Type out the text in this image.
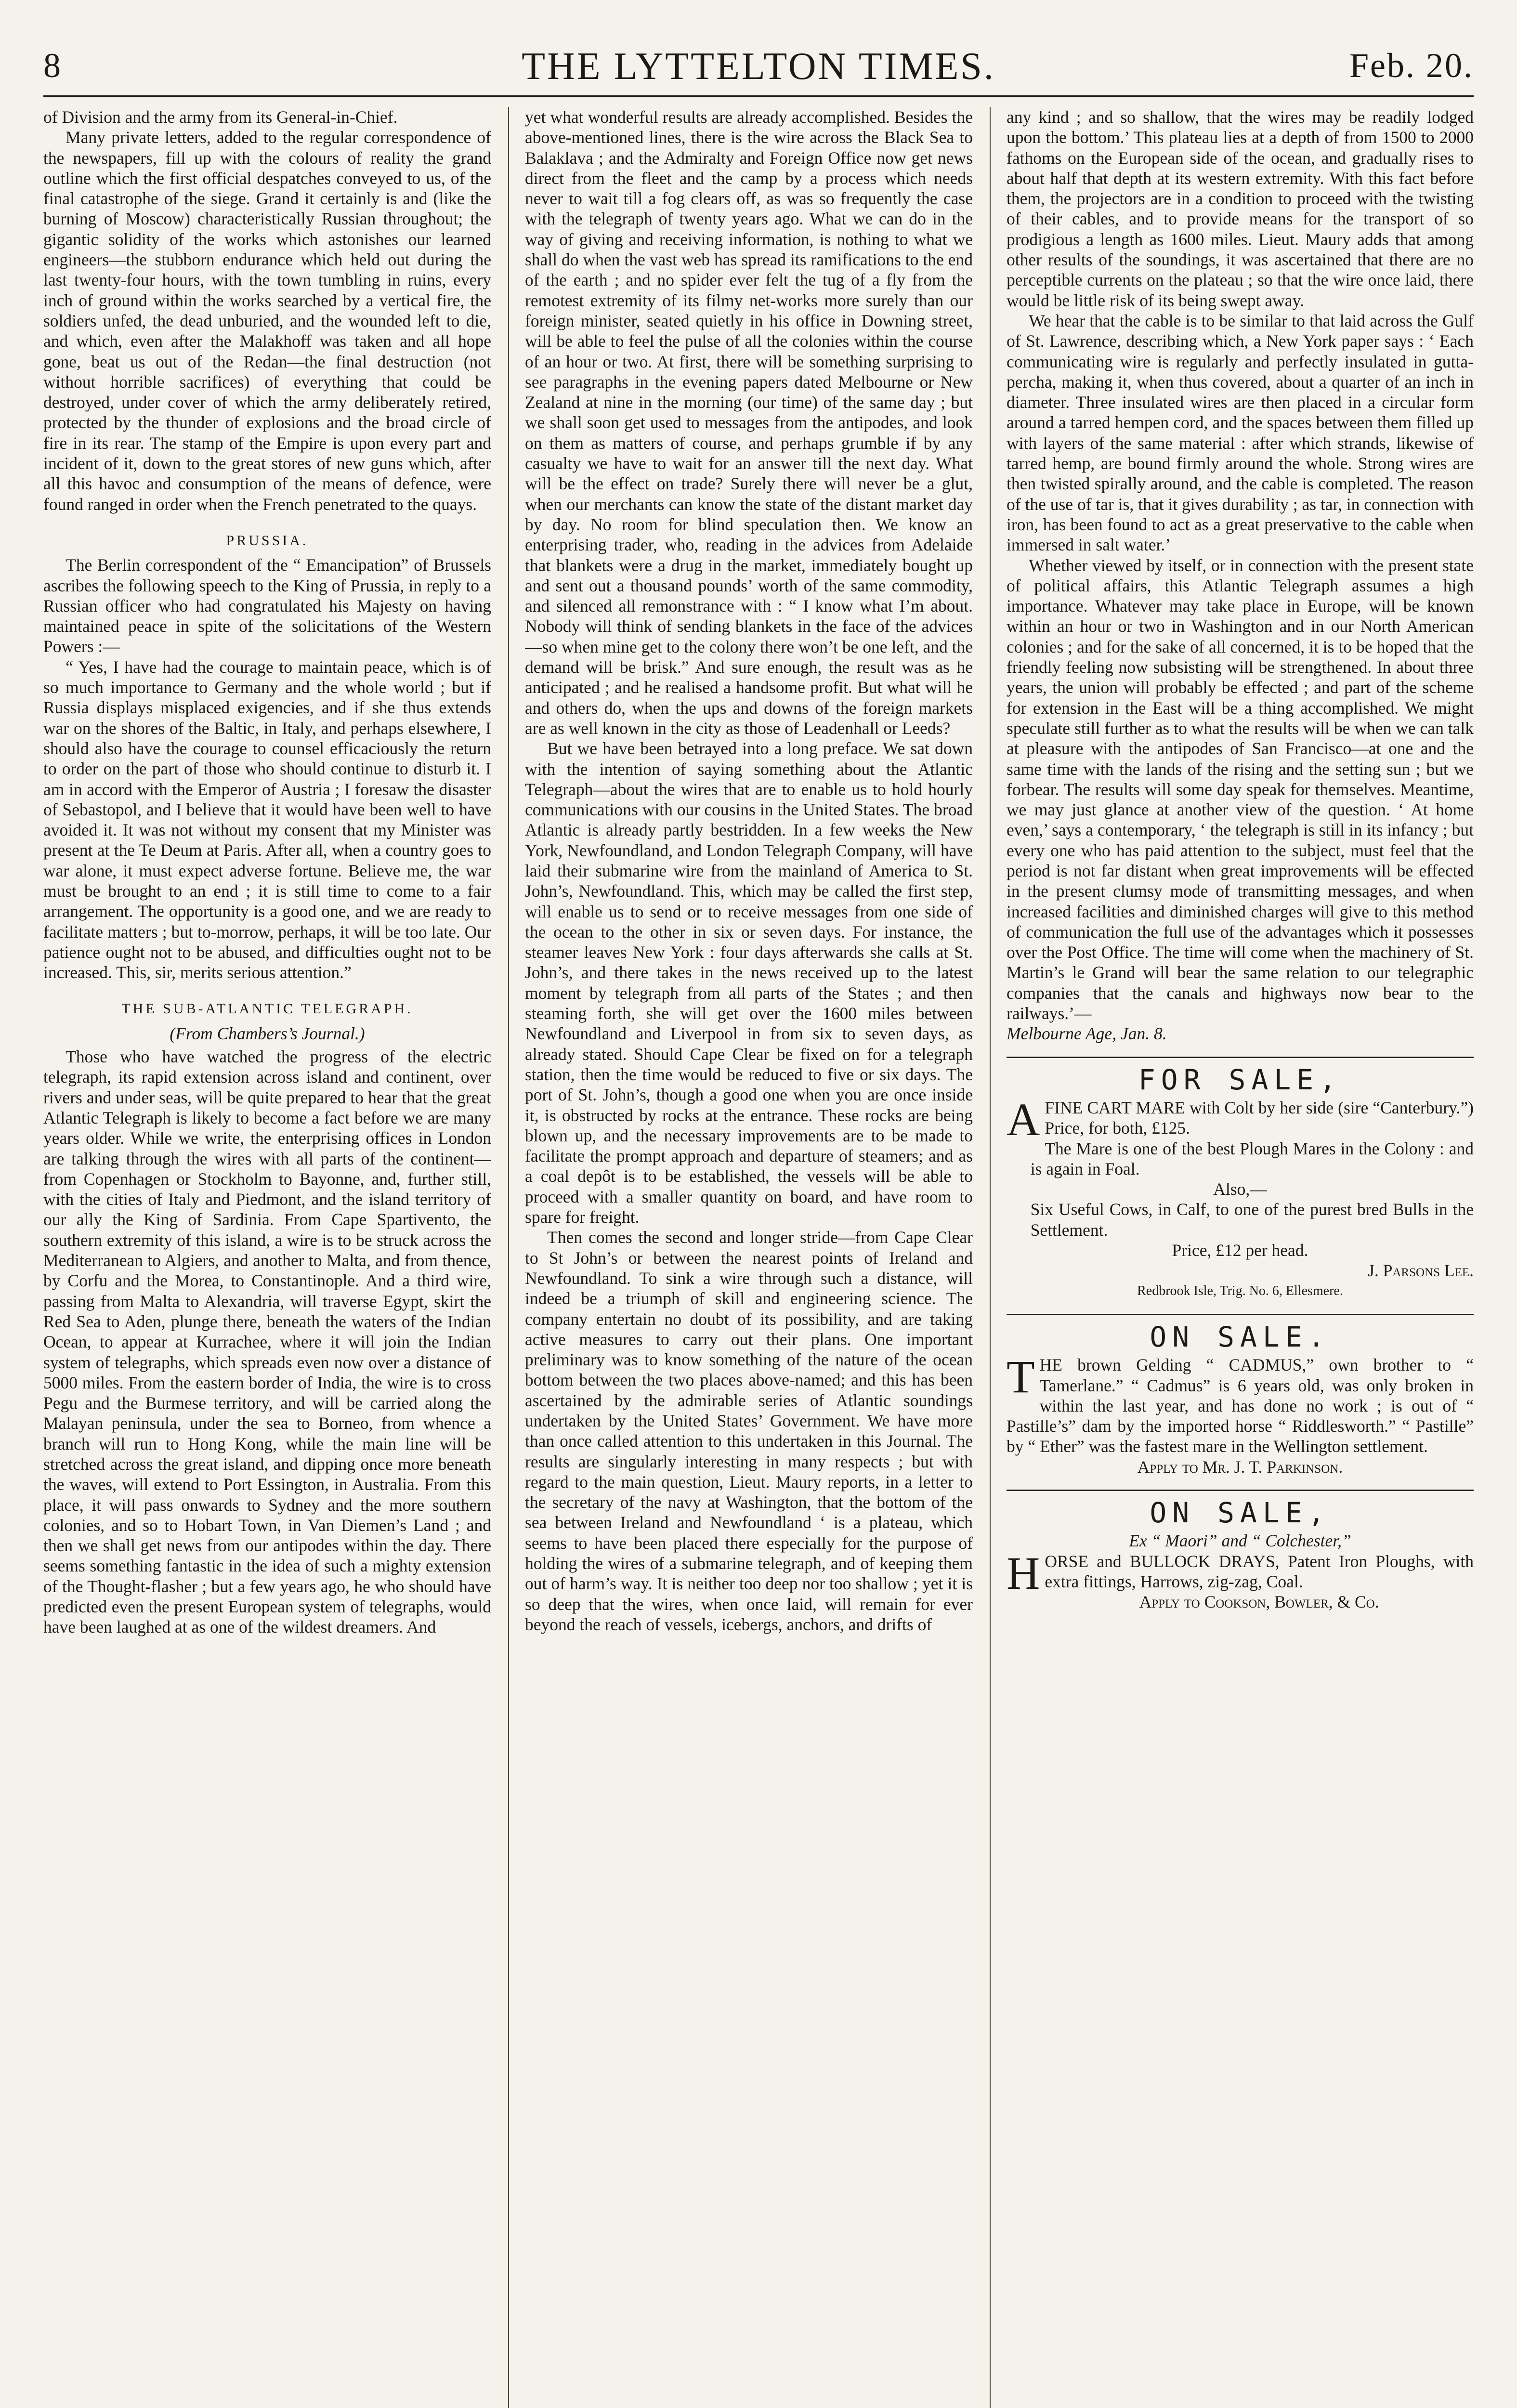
8	THE LYTTELTON TIMES.	Feb. 20.

of Division and the army from its General-in-Chief.

Many private letters, added to the regular correspondence of the newspapers, fill up with the colours of reality the grand outline which the first official despatches conveyed to us, of the final catastrophe of the siege. Grand it certainly is and (like the burning of Moscow) characteristically Russian throughout; the gigantic solidity of the works which astonishes our learned engineers—the stubborn endurance which held out during the last twenty-four hours, with the town tumbling in ruins, every inch of ground within the works searched by a vertical fire, the soldiers unfed, the dead unburied, and the wounded left to die, and which, even after the Malakhoff was taken and all hope gone, beat us out of the Redan—the final destruction (not without horrible sacrifices) of everything that could be destroyed, under cover of which the army deliberately retired, protected by the thunder of explosions and the broad circle of fire in its rear. The stamp of the Empire is upon every part and incident of it, down to the great stores of new guns which, after all this havoc and consumption of the means of defence, were found ranged in order when the French penetrated to the quays.

PRUSSIA.

The Berlin correspondent of the “ Emancipation” of Brussels ascribes the following speech to the King of Prussia, in reply to a Russian officer who had congratulated his Majesty on having maintained peace in spite of the solicitations of the Western Powers :—

“ Yes, I have had the courage to maintain peace, which is of so much importance to Germany and the whole world ; but if Russia displays misplaced exigencies, and if she thus extends war on the shores of the Baltic, in Italy, and perhaps elsewhere, I should also have the courage to counsel efficaciously the return to order on the part of those who should continue to disturb it. I am in accord with the Emperor of Austria ; I foresaw the disaster of Sebastopol, and I believe that it would have been well to have avoided it. It was not without my consent that my Minister was present at the Te Deum at Paris. After all, when a country goes to war alone, it must expect adverse fortune. Believe me, the war must be brought to an end ; it is still time to come to a fair arrangement. The opportunity is a good one, and we are ready to facilitate matters ; but to-morrow, perhaps, it will be too late. Our patience ought not to be abused, and difficulties ought not to be increased. This, sir, merits serious attention.”

THE SUB-ATLANTIC TELEGRAPH.
(From Chambers’s Journal.)

Those who have watched the progress of the electric telegraph, its rapid extension across island and continent, over rivers and under seas, will be quite prepared to hear that the great Atlantic Telegraph is likely to become a fact before we are many years older. While we write, the enterprising offices in London are talking through the wires with all parts of the continent—from Copenhagen or Stockholm to Bayonne, and, further still, with the cities of Italy and Piedmont, and the island territory of our ally the King of Sardinia. From Cape Spartivento, the southern extremity of this island, a wire is to be struck across the Mediterranean to Algiers, and another to Malta, and from thence, by Corfu and the Morea, to Constantinople. And a third wire, passing from Malta to Alexandria, will traverse Egypt, skirt the Red Sea to Aden, plunge there, beneath the waters of the Indian Ocean, to appear at Kurrachee, where it will join the Indian system of telegraphs, which spreads even now over a distance of 5000 miles. From the eastern border of India, the wire is to cross Pegu and the Burmese territory, and will be carried along the Malayan peninsula, under the sea to Borneo, from whence a branch will run to Hong Kong, while the main line will be stretched across the great island, and dipping once more beneath the waves, will extend to Port Essington, in Australia. From this place, it will pass onwards to Sydney and the more southern colonies, and so to Hobart Town, in Van Diemen’s Land ; and then we shall get news from our antipodes within the day. There seems something fantastic in the idea of such a mighty extension of the Thought-flasher ; but a few years ago, he who should have predicted even the present European system of telegraphs, would have been laughed at as one of the wildest dreamers. And

yet what wonderful results are already accomplished. Besides the above-mentioned lines, there is the wire across the Black Sea to Balaklava ; and the Admiralty and Foreign Office now get news direct from the fleet and the camp by a process which needs never to wait till a fog clears off, as was so frequently the case with the telegraph of twenty years ago. What we can do in the way of giving and receiving information, is nothing to what we shall do when the vast web has spread its ramifications to the end of the earth ; and no spider ever felt the tug of a fly from the remotest extremity of its filmy net-works more surely than our foreign minister, seated quietly in his office in Downing street, will be able to feel the pulse of all the colonies within the course of an hour or two. At first, there will be something surprising to see paragraphs in the evening papers dated Melbourne or New Zealand at nine in the morning (our time) of the same day ; but we shall soon get used to messages from the antipodes, and look on them as matters of course, and perhaps grumble if by any casualty we have to wait for an answer till the next day. What will be the effect on trade? Surely there will never be a glut, when our merchants can know the state of the distant market day by day. No room for blind speculation then. We know an enterprising trader, who, reading in the advices from Adelaide that blankets were a drug in the market, immediately bought up and sent out a thousand pounds’ worth of the same commodity, and silenced all remonstrance with : “ I know what I’m about. Nobody will think of sending blankets in the face of the advices—so when mine get to the colony there won’t be one left, and the demand will be brisk.” And sure enough, the result was as he anticipated ; and he realised a handsome profit. But what will he and others do, when the ups and downs of the foreign markets are as well known in the city as those of Leadenhall or Leeds?

But we have been betrayed into a long preface. We sat down with the intention of saying something about the Atlantic Telegraph—about the wires that are to enable us to hold hourly communications with our cousins in the United States. The broad Atlantic is already partly bestridden. In a few weeks the New York, Newfoundland, and London Telegraph Company, will have laid their submarine wire from the mainland of America to St. John’s, Newfoundland. This, which may be called the first step, will enable us to send or to receive messages from one side of the ocean to the other in six or seven days. For instance, the steamer leaves New York : four days afterwards she calls at St. John’s, and there takes in the news received up to the latest moment by telegraph from all parts of the States ; and then steaming forth, she will get over the 1600 miles between Newfoundland and Liverpool in from six to seven days, as already stated. Should Cape Clear be fixed on for a telegraph station, then the time would be reduced to five or six days. The port of St. John’s, though a good one when you are once inside it, is obstructed by rocks at the entrance. These rocks are being blown up, and the necessary improvements are to be made to facilitate the prompt approach and departure of steamers; and as a coal depôt is to be established, the vessels will be able to proceed with a smaller quantity on board, and have room to spare for freight.

Then comes the second and longer stride—from Cape Clear to St John’s or between the nearest points of Ireland and Newfoundland. To sink a wire through such a distance, will indeed be a triumph of skill and engineering science. The company entertain no doubt of its possibility, and are taking active measures to carry out their plans. One important preliminary was to know something of the nature of the ocean bottom between the two places above-named; and this has been ascertained by the admirable series of Atlantic soundings undertaken by the United States’ Government. We have more than once called attention to this undertaken in this Journal. The results are singularly interesting in many respects ; but with regard to the main question, Lieut. Maury reports, in a letter to the secretary of the navy at Washington, that the bottom of the sea between Ireland and Newfoundland ‘ is a plateau, which seems to have been placed there especially for the purpose of holding the wires of a submarine telegraph, and of keeping them out of harm’s way. It is neither too deep nor too shallow ; yet it is so deep that the wires, when once laid, will remain for ever beyond the reach of vessels, icebergs, anchors, and drifts of

any kind ; and so shallow, that the wires may be readily lodged upon the bottom.’ This plateau lies at a depth of from 1500 to 2000 fathoms on the European side of the ocean, and gradually rises to about half that depth at its western extremity. With this fact before them, the projectors are in a condition to proceed with the twisting of their cables, and to provide means for the transport of so prodigious a length as 1600 miles. Lieut. Maury adds that among other results of the soundings, it was ascertained that there are no perceptible currents on the plateau ; so that the wire once laid, there would be little risk of its being swept away.

We hear that the cable is to be similar to that laid across the Gulf of St. Lawrence, describing which, a New York paper says : ‘ Each communicating wire is regularly and perfectly insulated in gutta-percha, making it, when thus covered, about a quarter of an inch in diameter. Three insulated wires are then placed in a circular form around a tarred hempen cord, and the spaces between them filled up with layers of the same material : after which strands, likewise of tarred hemp, are bound firmly around the whole. Strong wires are then twisted spirally around, and the cable is completed. The reason of the use of tar is, that it gives durability ; as tar, in connection with iron, has been found to act as a great preservative to the cable when immersed in salt water.’

Whether viewed by itself, or in connection with the present state of political affairs, this Atlantic Telegraph assumes a high importance. Whatever may take place in Europe, will be known within an hour or two in Washington and in our North American colonies ; and for the sake of all concerned, it is to be hoped that the friendly feeling now subsisting will be strengthened. In about three years, the union will probably be effected ; and part of the scheme for extension in the East will be a thing accomplished. We might speculate still further as to what the results will be when we can talk at pleasure with the antipodes of San Francisco—at one and the same time with the lands of the rising and the setting sun ; but we forbear. The results will some day speak for themselves. Meantime, we may just glance at another view of the question. ‘ At home even,’ says a contemporary, ‘ the telegraph is still in its infancy ; but every one who has paid attention to the subject, must feel that the period is not far distant when great improvements will be effected in the present clumsy mode of transmitting messages, and when increased facilities and diminished charges will give to this method of communication the full use of the advantages which it possesses over the Post Office. The time will come when the machinery of St. Martin’s le Grand will bear the same relation to our telegraphic companies that the canals and highways now bear to the railways.’—

Melbourne Age, Jan. 8.

FOR SALE,

AFINE CART MARE with Colt by her side (sire “Canterbury.”) Price, for both, £125.

The Mare is one of the best Plough Mares in the Colony : and is again in Foal.

Also,—

Six Useful Cows, in Calf, to one of the purest bred Bulls in the Settlement.

Price, £12 per head.

J. Parsons Lee.

Redbrook Isle, Trig. No. 6, Ellesmere.

ON SALE.

THE brown Gelding “ CADMUS,” own brother to “ Tamerlane.” “ Cadmus” is 6 years old, was only broken in within the last year, and has done no work ; is out of “ Pastille’s” dam by the imported horse “ Riddlesworth.” “ Pastille” by “ Ether” was the fastest mare in the Wellington settlement.

Apply to Mr. J. T. Parkinson.

ON SALE,

Ex “ Maori” and “ Colchester,”

HORSE and BULLOCK DRAYS, Patent Iron Ploughs, with extra fittings, Harrows, zig-zag, Coal.

Apply to Cookson, Bowler, & Co.
